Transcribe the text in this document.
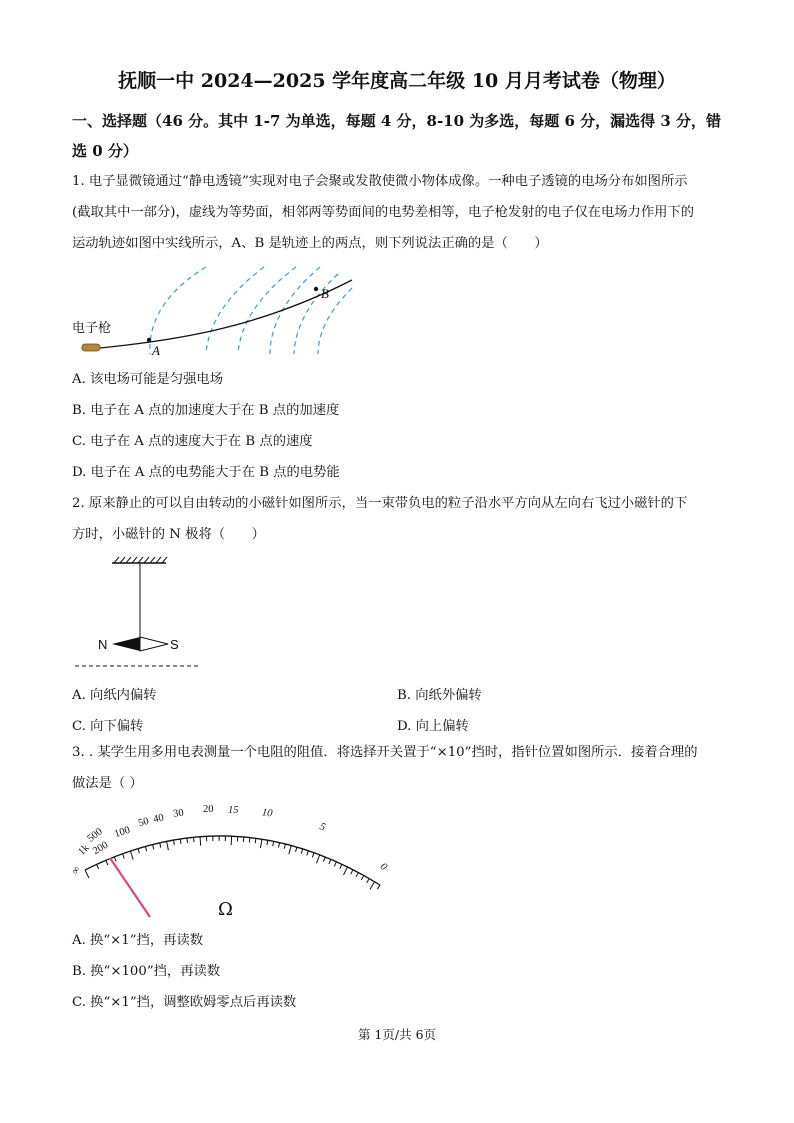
抚顺一中 2024—2025 学年度高二年级 10 月月考试卷（物理）
一、选择题（46 分。其中 1-7 为单选，每题 4 分，8-10 为多选，每题 6 分，漏选得 3 分，错
选 0 分）
1. 电子显微镜通过“静电透镜”实现对电子会聚或发散使微小物体成像。一种电子透镜的电场分布如图所示
(截取其中一部分)，虚线为等势面，相邻两等势面间的电势差相等，电子枪发射的电子仅在电场力作用下的
运动轨迹如图中实线所示，A、B 是轨迹上的两点，则下列说法正确的是（　　）
电子枪
A
B
A. 该电场可能是匀强电场
B. 电子在 A 点的加速度大于在 B 点的加速度
C. 电子在 A 点的速度大于在 B 点的速度
D. 电子在 A 点的电势能大于在 B 点的电势能
2. 原来静止的可以自由转动的小磁针如图所示，当一束带负电的粒子沿水平方向从左向右飞过小磁针的下
方时，小磁针的 N 极将（　　）
N	S
A. 向纸内偏转	B. 向纸外偏转
C. 向下偏转	D. 向上偏转
3. . 某学生用多用电表测量一个电阻的阻值．将选择开关置于“×10”挡时，指针位置如图所示．接着合理的
做法是（ ）
∞
1k
500
200
100
50 40 30 20 15 10
5
0
Ω
A. 换“×1”挡，再读数
B. 换“×100”挡，再读数
C. 换“×1”挡，调整欧姆零点后再读数
第 1页/共 6页
